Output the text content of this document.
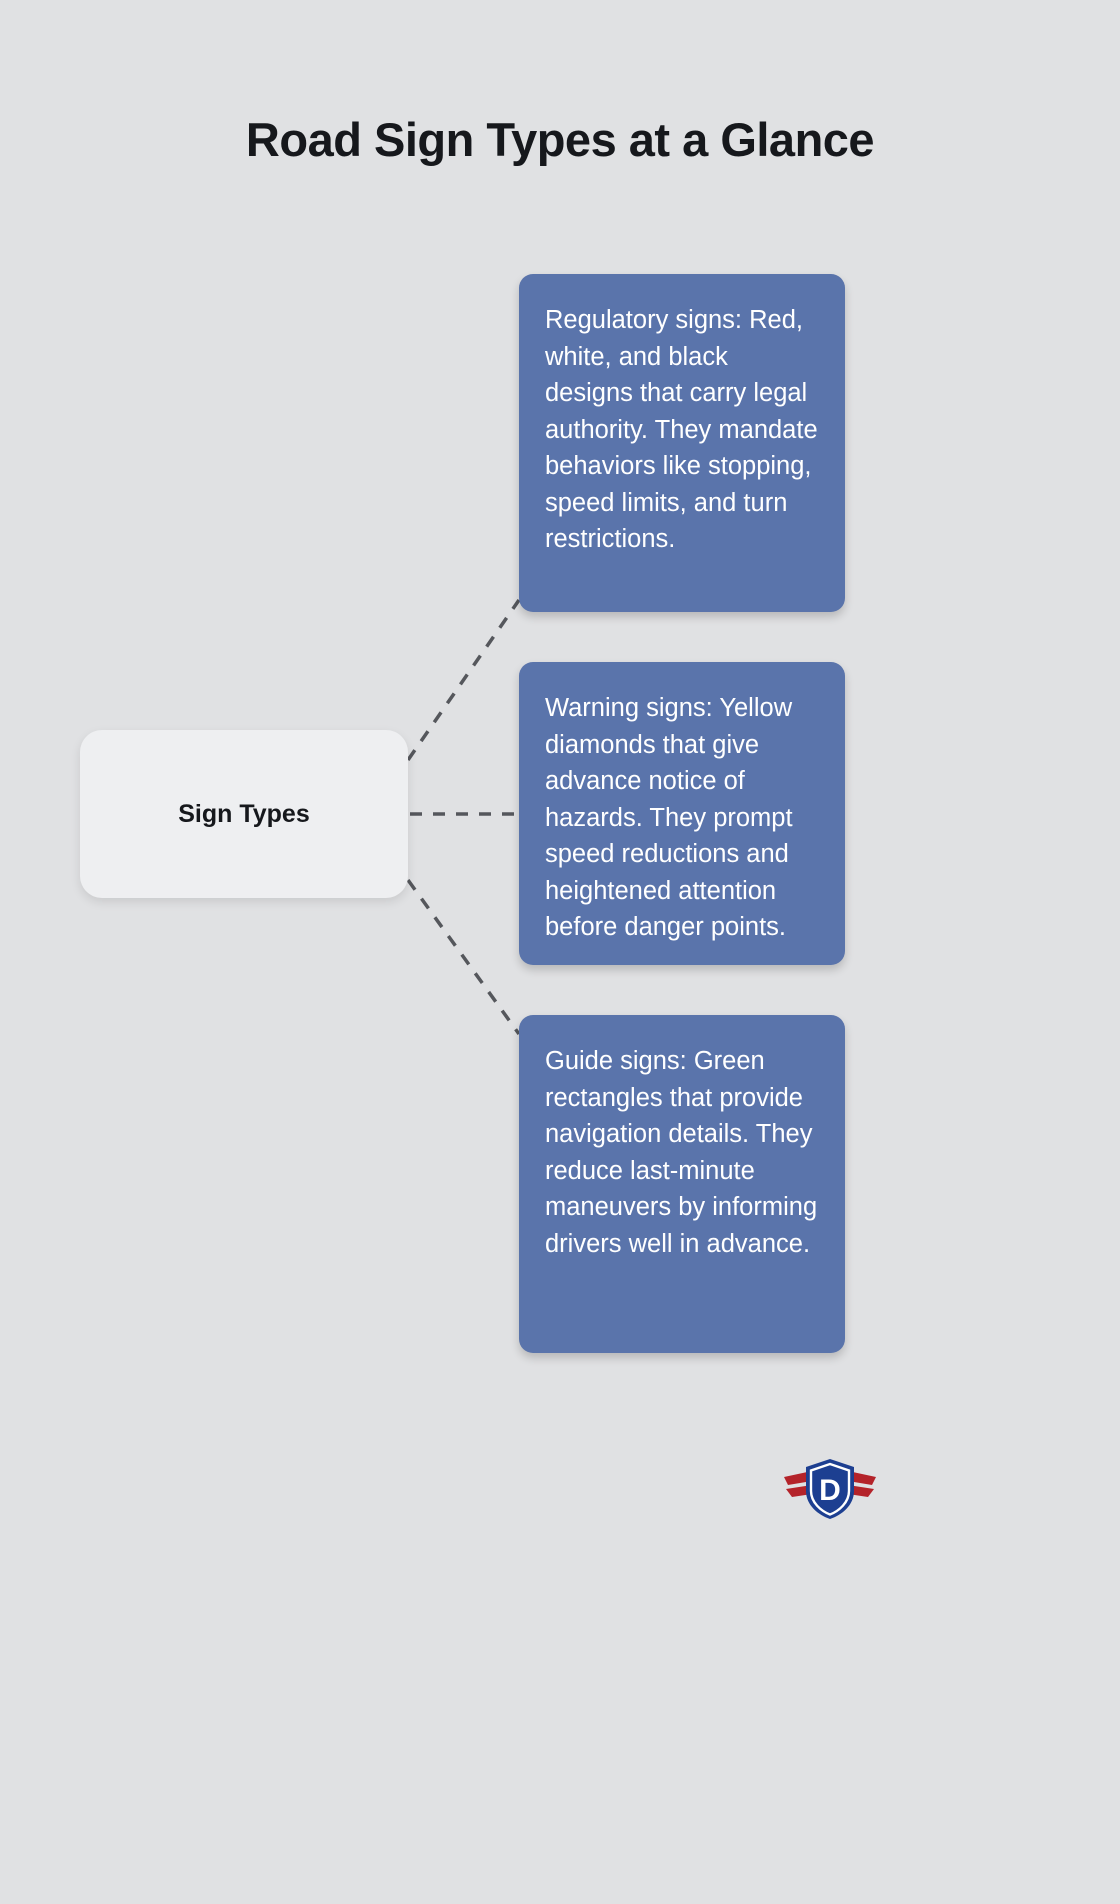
Road Sign Types at a Glance
Sign Types
Regulatory signs: Red, white, and black designs that carry legal authority. They mandate behaviors like stopping, speed limits, and turn restrictions.
Warning signs: Yellow diamonds that give advance notice of hazards. They prompt speed reductions and heightened attention before danger points.
Guide signs: Green rectangles that provide navigation details. They reduce last-minute maneuvers by informing drivers well in advance.
D
